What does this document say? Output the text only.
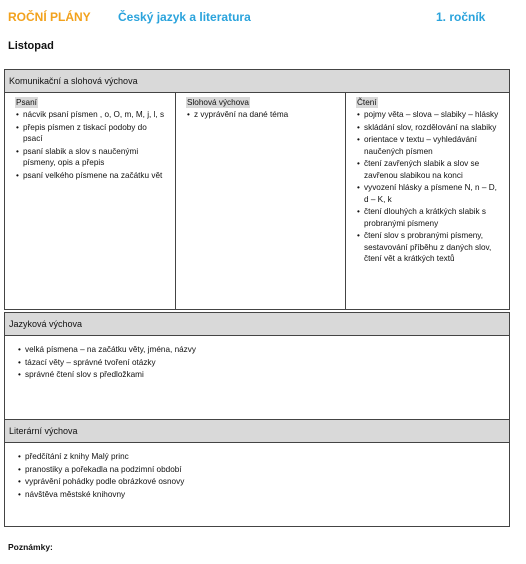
ROČNÍ PLÁNY Český jazyk a literatura	1. ročník
Listopad
Komunikační a slohová výchova
Psaní
• nácvik psaní písmen , o, O, m, M, j, l, s
• přepis písmen z tiskací podoby do psací
• psaní slabik a slov s naučenými písmeny, opis a přepis
• psaní velkého písmene na začátku vět
Slohová výchova
• z vyprávění na dané téma
Čtení
• pojmy věta – slova – slabiky – hlásky
• skládání slov, rozdělování na slabiky
• orientace v textu – vyhledávání naučených písmen
• čtení zavřených slabik a slov se zavřenou slabikou na konci
• vyvození hlásky a písmene N, n – D, d – K, k
• čtení dlouhých a krátkých slabik s probranými písmeny
• čtení slov s probranými písmeny, sestavování příběhu z daných slov, čtení vět a krátkých textů
Jazyková výchova
• velká písmena – na začátku věty, jména, názvy
• tázací věty – správné tvoření otázky
• správné čtení slov s předložkami
Literární výchova
• předčítání z knihy Malý princ
• pranostiky a pořekadla na podzimní období
• vyprávění pohádky podle obrázkové osnovy
• návštěva městské knihovny
Poznámky:
